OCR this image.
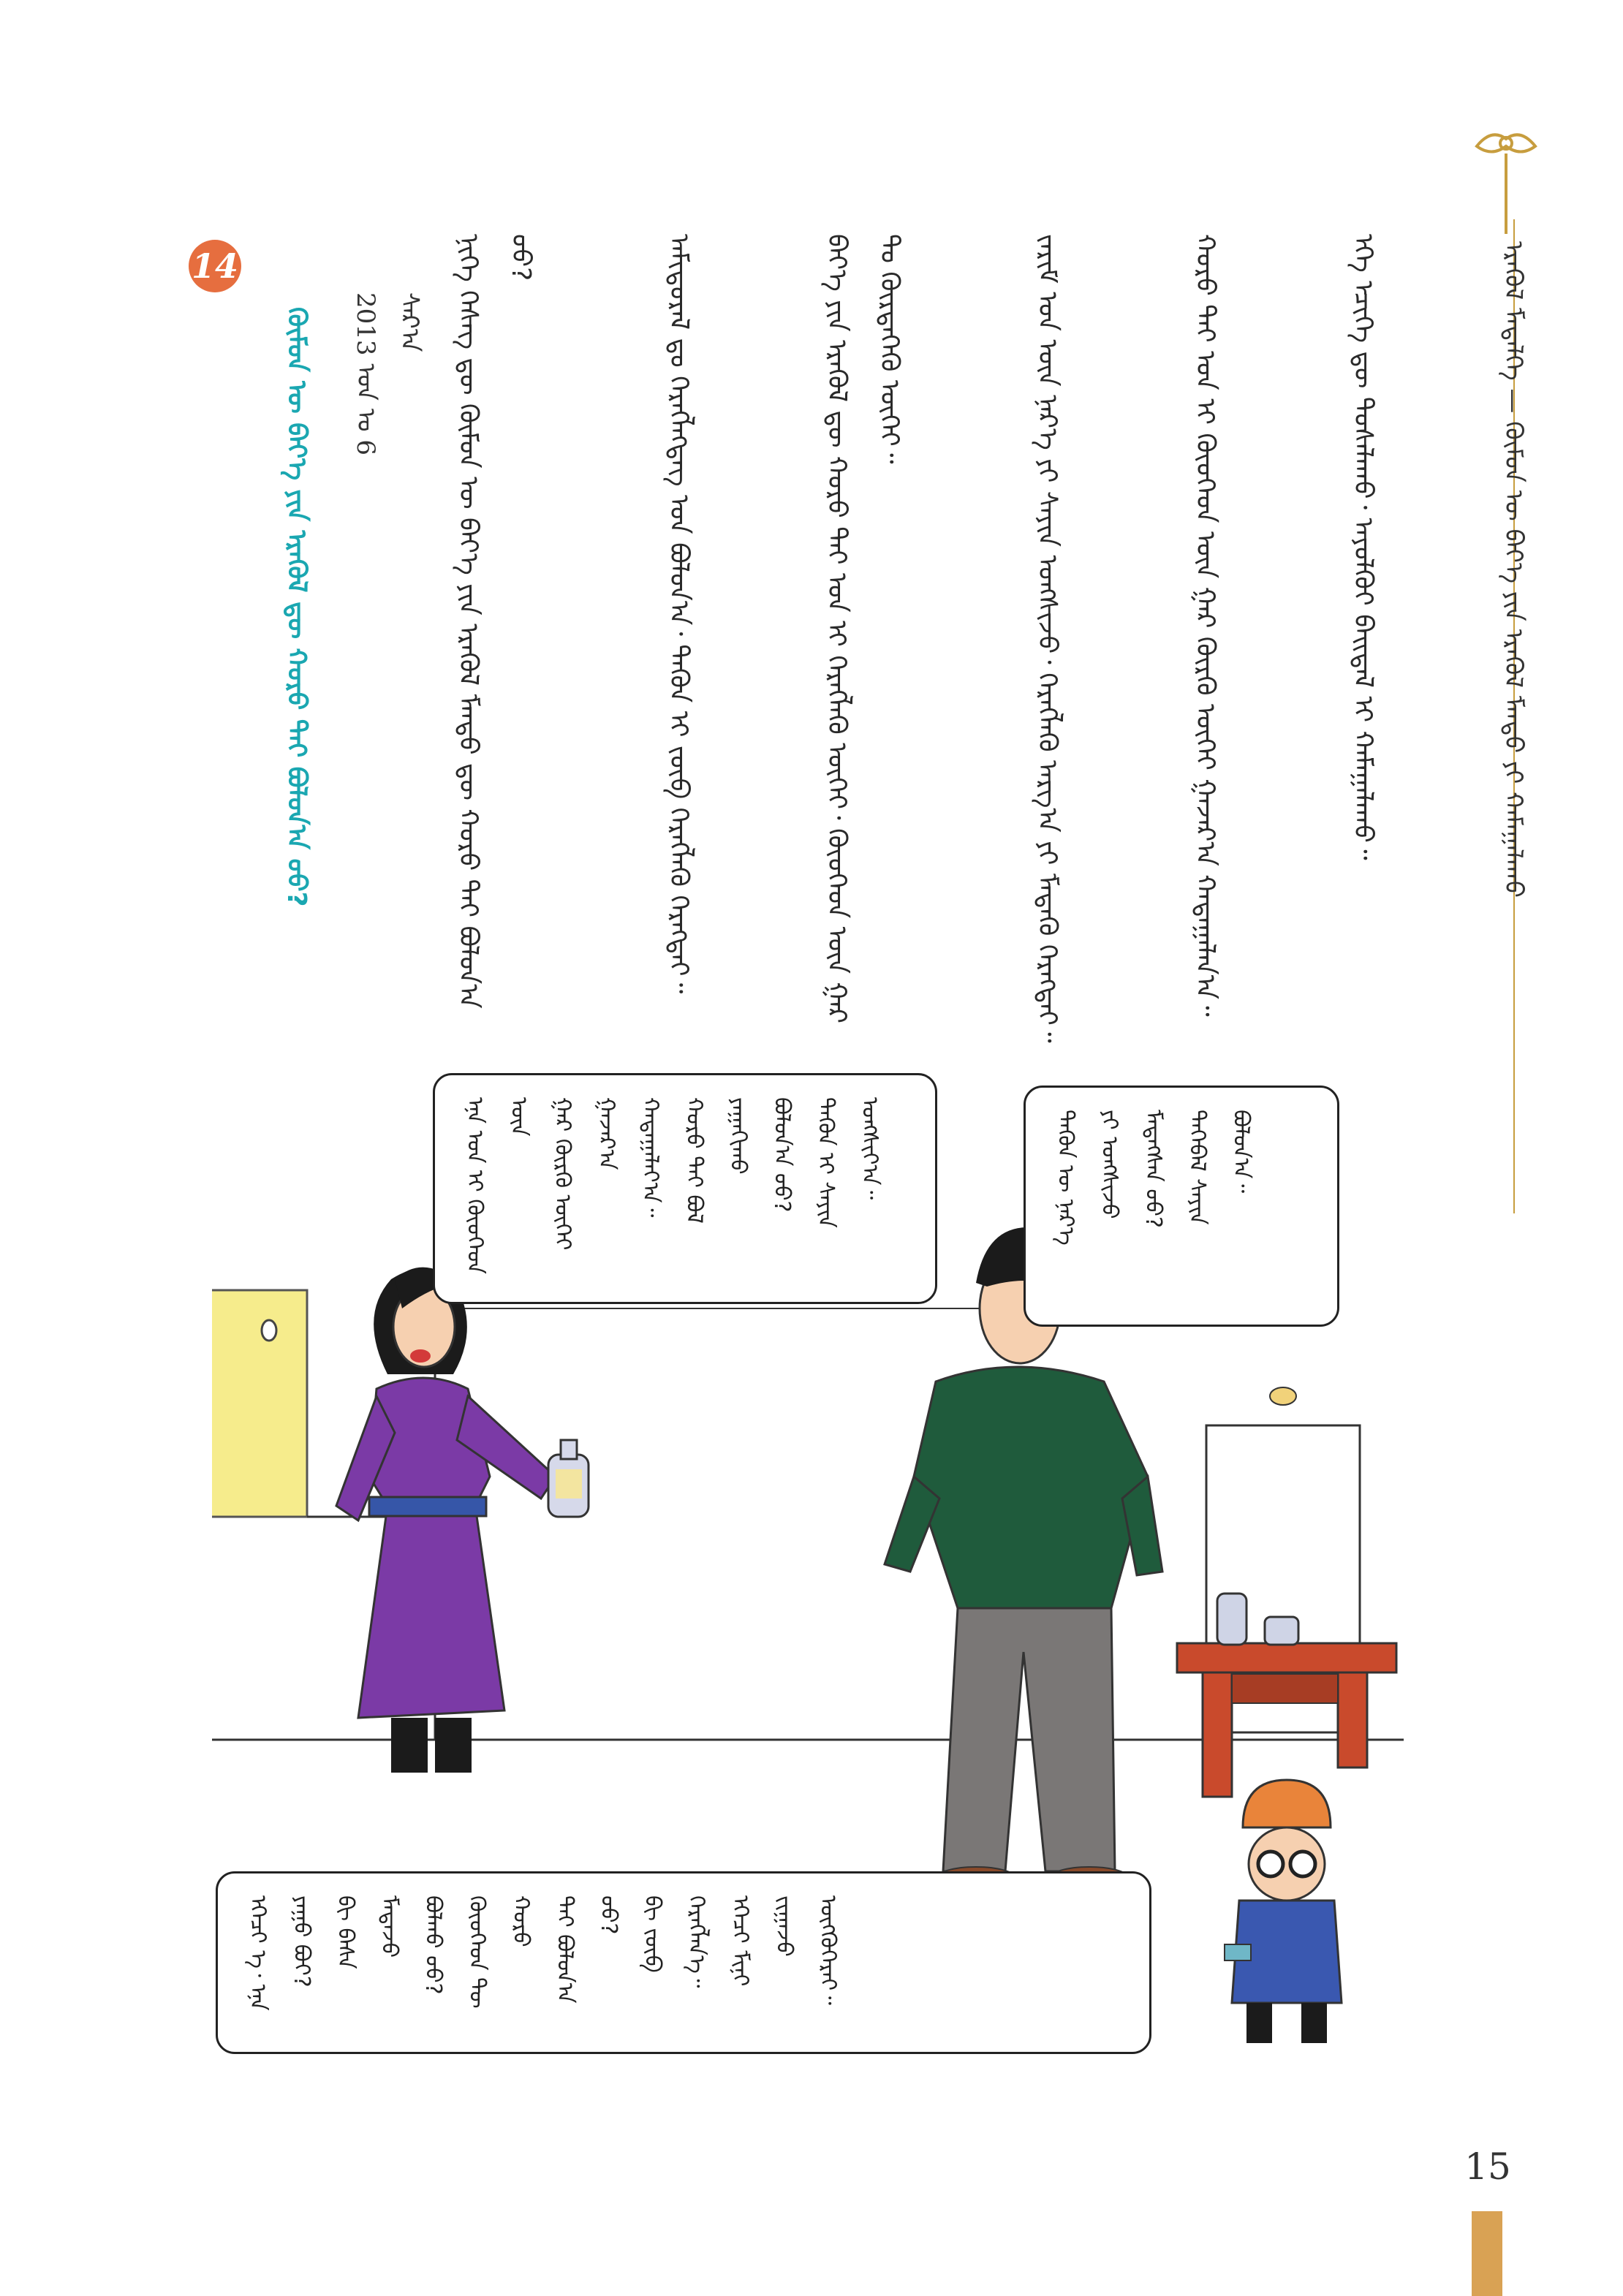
ᠡᠷᠡᠭᠦᠯ ᠮᠡᠳᠡᠯᠭᠡ — ᠬᠦᠮᠦᠨ ᠦ ᠪᠡᠶ᠎ᠡ ᠶᠢᠨ ᠡᠷᠡᠭᠦᠯ ᠮᠡᠨᠳᠦ ᠶᠢ ᠬᠠᠮᠠᠭᠠᠯᠠᠬᠤ

ᠨᠢᠭᠡ ᠬᠡᠰᠡᠭ ᠳᠦ ᠬᠦᠮᠦᠨ ᠦ ᠪᠡᠶ᠎ᠡ ᠶᠢᠨ ᠡᠷᠡᠭᠦᠯ ᠮᠡᠨᠳᠦ ᠳᠦ ᠬᠣᠷᠣ ᠲᠠᠢ ᠪᠣᠯᠤᠨ᠎ᠠ ᠤᠤ?

	ᠠᠮᠢᠳᠤᠷᠠᠯ ᠳᠤ ᠬᠡᠷᠡᠭᠯᠡᠭᠳᠡᠭ ᠡᠳ ᠪᠣᠯᠤᠨ᠎ᠠ᠂ ᠲᠡᠭᠦᠨ ᠢ ᠵᠥᠪ ᠬᠡᠷᠡᠭᠯᠡᠬᠦ ᠬᠡᠷᠡᠭᠲᠡᠢ᠃

	ᠪᠡᠶ᠎ᠡ ᠶᠢᠨ ᠡᠷᠡᠭᠦᠯ ᠳᠦ ᠬᠣᠷᠣ ᠲᠠᠢ ᠡᠳ ᠢ ᠬᠡᠷᠡᠭᠯᠡᠬᠦ ᠦᠭᠡᠢ᠂ ᠬᠦᠦᠬᠡᠳ ᠦᠨ ᠭᠠᠷ ᠲᠤ ᠬᠦᠷᠲᠡᠭᠡᠬᠦ ᠦᠭᠡᠢ᠃

	ᠵᠠᠷᠢᠮ ᠡᠳ ᠦᠨ ᠨᠡᠷ᠎ᠡ ᠶᠢ ᠰᠠᠶᠢᠨ ᠤᠩᠰᠢᠵᠤ᠂ ᠬᠡᠷᠡᠭᠯᠡᠬᠦ ᠠᠷᠭ᠎ᠠ ᠶᠢ ᠮᠡᠳᠡᠬᠦ ᠬᠡᠷᠡᠭᠲᠡᠢ᠃

	ᠬᠣᠷᠣ ᠲᠠᠢ ᠡᠳ ᠢ ᠬᠦᠦᠬᠡᠳ ᠦᠨ ᠭᠠᠷ ᠬᠦᠷᠬᠦ ᠦᠭᠡᠢ ᠭᠠᠵᠠᠷ᠎ᠠ ᠬᠠᠳᠠᠭᠠᠯᠠᠨ᠎ᠠ᠃

	ᠡᠬᠡ ᠡᠴᠢᠭᠡ ᠳᠦ ᠲᠤᠰᠠᠯᠠᠬᠤ᠂ ᠠᠶᠤᠯᠭᠦᠢ ᠪᠠᠢᠳᠠᠯ ᠢ ᠬᠠᠮᠠᠭᠠᠯᠠᠬᠤ᠃

2013 ᠣᠨ ᠤ 6 ᠰᠠᠷ᠎ᠠ
14

ᠬᠦᠮᠦᠨ ᠦ ᠪᠡᠶ᠎ᠡ ᠶᠢᠨ ᠡᠷᠡᠭᠦᠯ ᠳᠦ ᠬᠣᠷᠣ ᠲᠠᠢ ᠪᠣᠯᠤᠨ᠎ᠠ ᠤᠤ?

ᠡᠨᠡ ᠡᠳ ᠢ ᠬᠦᠦᠬᠡᠳ ᠦᠨ
ᠭᠠᠷ ᠬᠦᠷᠬᠦ ᠦᠭᠡᠢ
ᠭᠠᠵᠠᠷ᠎ᠠ ᠬᠠᠳᠠᠭᠠᠯᠠᠶ᠎ᠠ᠃
ᠬᠣᠷᠣ ᠲᠠᠢ ᠪᠣᠯ ᠶᠠᠭᠠᠬᠢᠬᠤ
ᠪᠣᠯᠤᠨ᠎ᠠ ᠤᠤ?
ᠲᠡᠭᠦᠨ ᠢ ᠰᠠᠶᠢᠨ
ᠤᠩᠰᠢᠶ᠎ᠠ᠃	ᠲᠡᠭᠦᠨ ᠦ ᠨᠡᠷ᠎ᠡ
ᠶᠢ ᠤᠩᠰᠢᠵᠤ
ᠮᠡᠳᠡᠭᠰᠡᠨ ᠦᠦ?
ᠲᠡᠭᠡᠪᠡᠯ ᠰᠠᠶᠢᠨ
ᠪᠣᠯᠤᠨ᠎ᠠ᠃
ᠡᠭᠡᠴᠢ ᠡ᠂ ᠡᠨᠡ ᠶᠠᠭᠤ ᠪᠣᠢ?
ᠪᠢ ᠪᠠᠰᠠ ᠮᠡᠳᠡᠵᠦ
ᠪᠣᠯᠬᠤ ᠤᠤ?
ᠬᠦᠦᠬᠡᠳ ᠲᠦ ᠬᠣᠷᠣ
ᠲᠠᠢ ᠪᠣᠯᠤᠨ᠎ᠠ ᠤᠤ?
ᠪᠢ ᠵᠥᠪ ᠬᠡᠷᠡᠭᠯᠡᠨ᠎ᠡ᠃
ᠡᠭᠡᠴᠢ ᠮᠢᠨᠢ ᠵᠢᠭᠠᠵᠤ
ᠥᠭᠭᠦᠭᠡᠷᠡᠢ᠃
15
